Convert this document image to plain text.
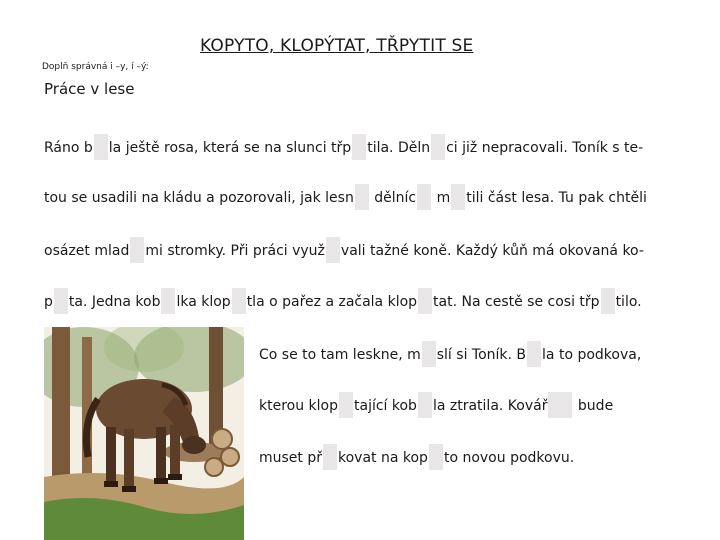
KOPYTO, KLOPÝTAT, TŘPYTIT SE
Doplň správná i –y, í –ý:
Práce v lese
Ráno b la ještě rosa, která se na slunci třp tila. Děln ci již nepracovali. Toník s te-
tou se usadili na kládu a pozorovali, jak lesn dělníc m tili část lesa. Tu pak chtěli
osázet mlad mi stromky. Při práci využ vali tažné koně. Každý kůň má okovaná ko-
p ta. Jedna kob lka klop tla o pařez a začala klop tat. Na cestě se cosi třp tilo.
Co se to tam leskne, m slí si Toník. B la to podkova,
kterou klop tající kob la ztratila. Kovář bude
muset př kovat na kop to novou podkovu.
